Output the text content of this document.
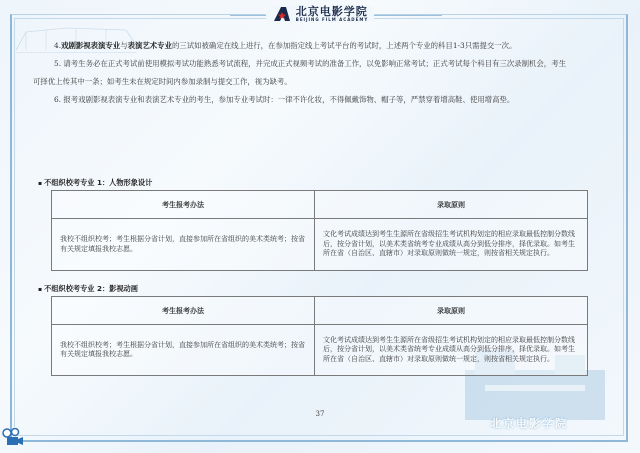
北京电影学院
BEIJING FILM ACADEMY
4.戏剧影视表演专业与表演艺术专业的三试如被确定在线上进行，在参加指定线上考试平台的考试时，上述两个专业的科目1-3只需提交一次。
5. 请考生务必在正式考试前使用模拟考试功能熟悉考试流程，并完成正式视频考试的准备工作，以免影响正常考试；正式考试每个科目有三次录制机会，考生
可择优上传其中一条；如考生未在规定时间内参加录制与提交工作，视为缺考。
6. 报考戏剧影视表演专业和表演艺术专业的考生，参加专业考试时：一律不许化妆，不得佩戴饰物、帽子等，严禁穿着增高鞋、使用增高垫。
▪ 不组织校考专业 1：人物形象设计
考生报考办法	录取原则
我校不组织校考；考生根据分省计划，直接参加所在省组织的美术类统考；按省有关规定填报我校志愿。	文化考试成绩达到考生生源所在省级招生考试机构划定的相应录取最低控制分数线后，按分省计划，以美术类省统考专业成绩从高分到低分排序，择优录取。如考生所在省（自治区、直辖市）对录取原则做统一规定，则按省相关规定执行。
▪ 不组织校考专业 2：影视动画
考生报考办法	录取原则
我校不组织校考；考生根据分省计划，直接参加所在省组织的美术类统考；按省有关规定填报我校志愿。	文化考试成绩达到考生生源所在省级招生考试机构划定的相应录取最低控制分数线后，按分省计划，以美术类省统考专业成绩从高分到低分排序，择优录取。如考生所在省（自治区、直辖市）对录取原则做统一规定，则按省相关规定执行。
37
北京电影学院
